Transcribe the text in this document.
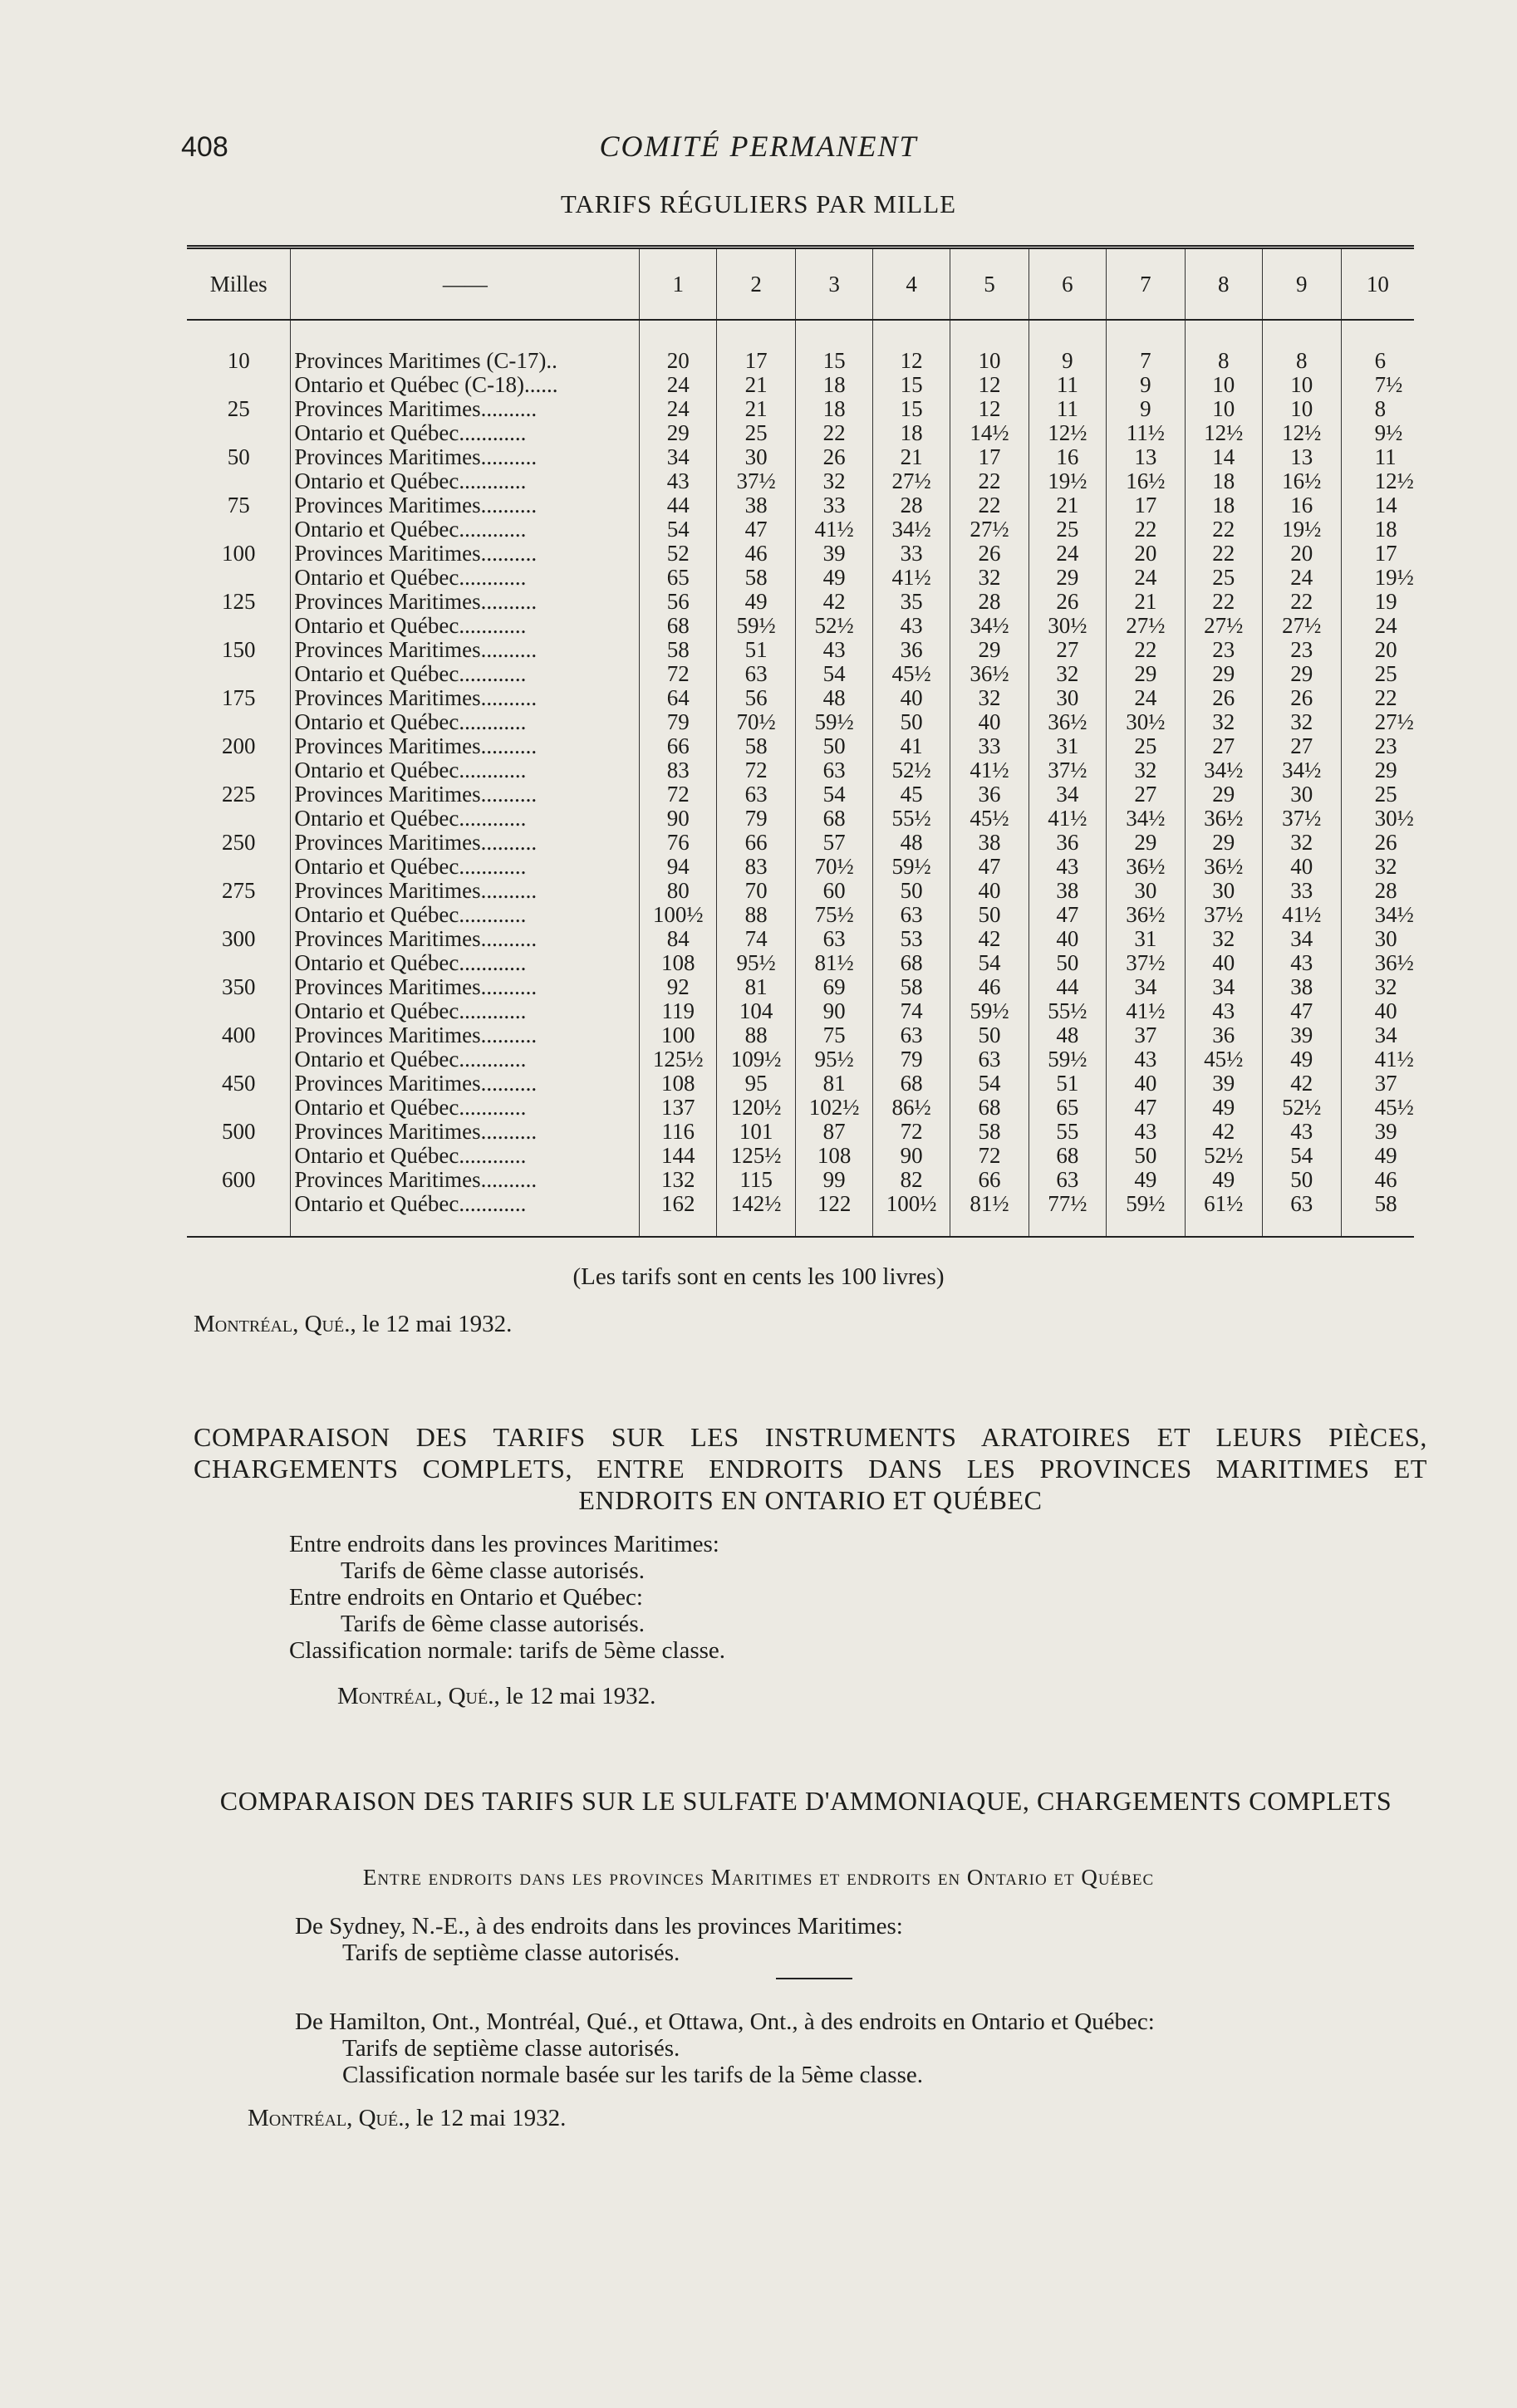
408	COMITÉ PERMANENT
TARIFS RÉGULIERS PAR MILLE
Milles	——	1	2	3	4	5	6	7	8	9	10
10	Provinces Maritimes (C-17)..	20	17	15	12	10	9	7	8	8	6
	Ontario et Québec (C-18)......	24	21	18	15	12	11	9	10	10	7½
25	Provinces Maritimes..........	24	21	18	15	12	11	9	10	10	8
	Ontario et Québec............	29	25	22	18	14½	12½	11½	12½	12½	9½
50	Provinces Maritimes..........	34	30	26	21	17	16	13	14	13	11
	Ontario et Québec............	43	37½	32	27½	22	19½	16½	18	16½	12½
75	Provinces Maritimes..........	44	38	33	28	22	21	17	18	16	14
	Ontario et Québec............	54	47	41½	34½	27½	25	22	22	19½	18
100	Provinces Maritimes..........	52	46	39	33	26	24	20	22	20	17
	Ontario et Québec............	65	58	49	41½	32	29	24	25	24	19½
125	Provinces Maritimes..........	56	49	42	35	28	26	21	22	22	19
	Ontario et Québec............	68	59½	52½	43	34½	30½	27½	27½	27½	24
150	Provinces Maritimes..........	58	51	43	36	29	27	22	23	23	20
	Ontario et Québec............	72	63	54	45½	36½	32	29	29	29	25
175	Provinces Maritimes..........	64	56	48	40	32	30	24	26	26	22
	Ontario et Québec............	79	70½	59½	50	40	36½	30½	32	32	27½
200	Provinces Maritimes..........	66	58	50	41	33	31	25	27	27	23
	Ontario et Québec............	83	72	63	52½	41½	37½	32	34½	34½	29
225	Provinces Maritimes..........	72	63	54	45	36	34	27	29	30	25
	Ontario et Québec............	90	79	68	55½	45½	41½	34½	36½	37½	30½
250	Provinces Maritimes..........	76	66	57	48	38	36	29	29	32	26
	Ontario et Québec............	94	83	70½	59½	47	43	36½	36½	40	32
275	Provinces Maritimes..........	80	70	60	50	40	38	30	30	33	28
	Ontario et Québec............	100½	88	75½	63	50	47	36½	37½	41½	34½
300	Provinces Maritimes..........	84	74	63	53	42	40	31	32	34	30
	Ontario et Québec............	108	95½	81½	68	54	50	37½	40	43	36½
350	Provinces Maritimes..........	92	81	69	58	46	44	34	34	38	32
	Ontario et Québec............	119	104	90	74	59½	55½	41½	43	47	40
400	Provinces Maritimes..........	100	88	75	63	50	48	37	36	39	34
	Ontario et Québec............	125½	109½	95½	79	63	59½	43	45½	49	41½
450	Provinces Maritimes..........	108	95	81	68	54	51	40	39	42	37
	Ontario et Québec............	137	120½	102½	86½	68	65	47	49	52½	45½
500	Provinces Maritimes..........	116	101	87	72	58	55	43	42	43	39
	Ontario et Québec............	144	125½	108	90	72	68	50	52½	54	49
600	Provinces Maritimes..........	132	115	99	82	66	63	49	49	50	46
	Ontario et Québec............	162	142½	122	100½	81½	77½	59½	61½	63	58
(Les tarifs sont en cents les 100 livres)
Montréal, Qué., le 12 mai 1932.
COMPARAISON DES TARIFS SUR LES INSTRUMENTS ARATOIRES ET LEURS PIÈCES, CHARGEMENTS COMPLETS, ENTRE ENDROITS DANS LES PROVINCES MARITIMES ET ENDROITS EN ONTARIO ET QUÉBEC
Entre endroits dans les provinces Maritimes:
Tarifs de 6ème classe autorisés.
Entre endroits en Ontario et Québec:
Tarifs de 6ème classe autorisés.
Classification normale: tarifs de 5ème classe.
Montréal, Qué., le 12 mai 1932.
COMPARAISON DES TARIFS SUR LE SULFATE D'AMMONIAQUE, CHARGEMENTS COMPLETS
Entre endroits dans les provinces Maritimes et endroits en Ontario et Québec
De Sydney, N.-E., à des endroits dans les provinces Maritimes:
Tarifs de septième classe autorisés.
De Hamilton, Ont., Montréal, Qué., et Ottawa, Ont., à des endroits en Ontario et Québec:
Tarifs de septième classe autorisés.
Classification normale basée sur les tarifs de la 5ème classe.
Montréal, Qué., le 12 mai 1932.
